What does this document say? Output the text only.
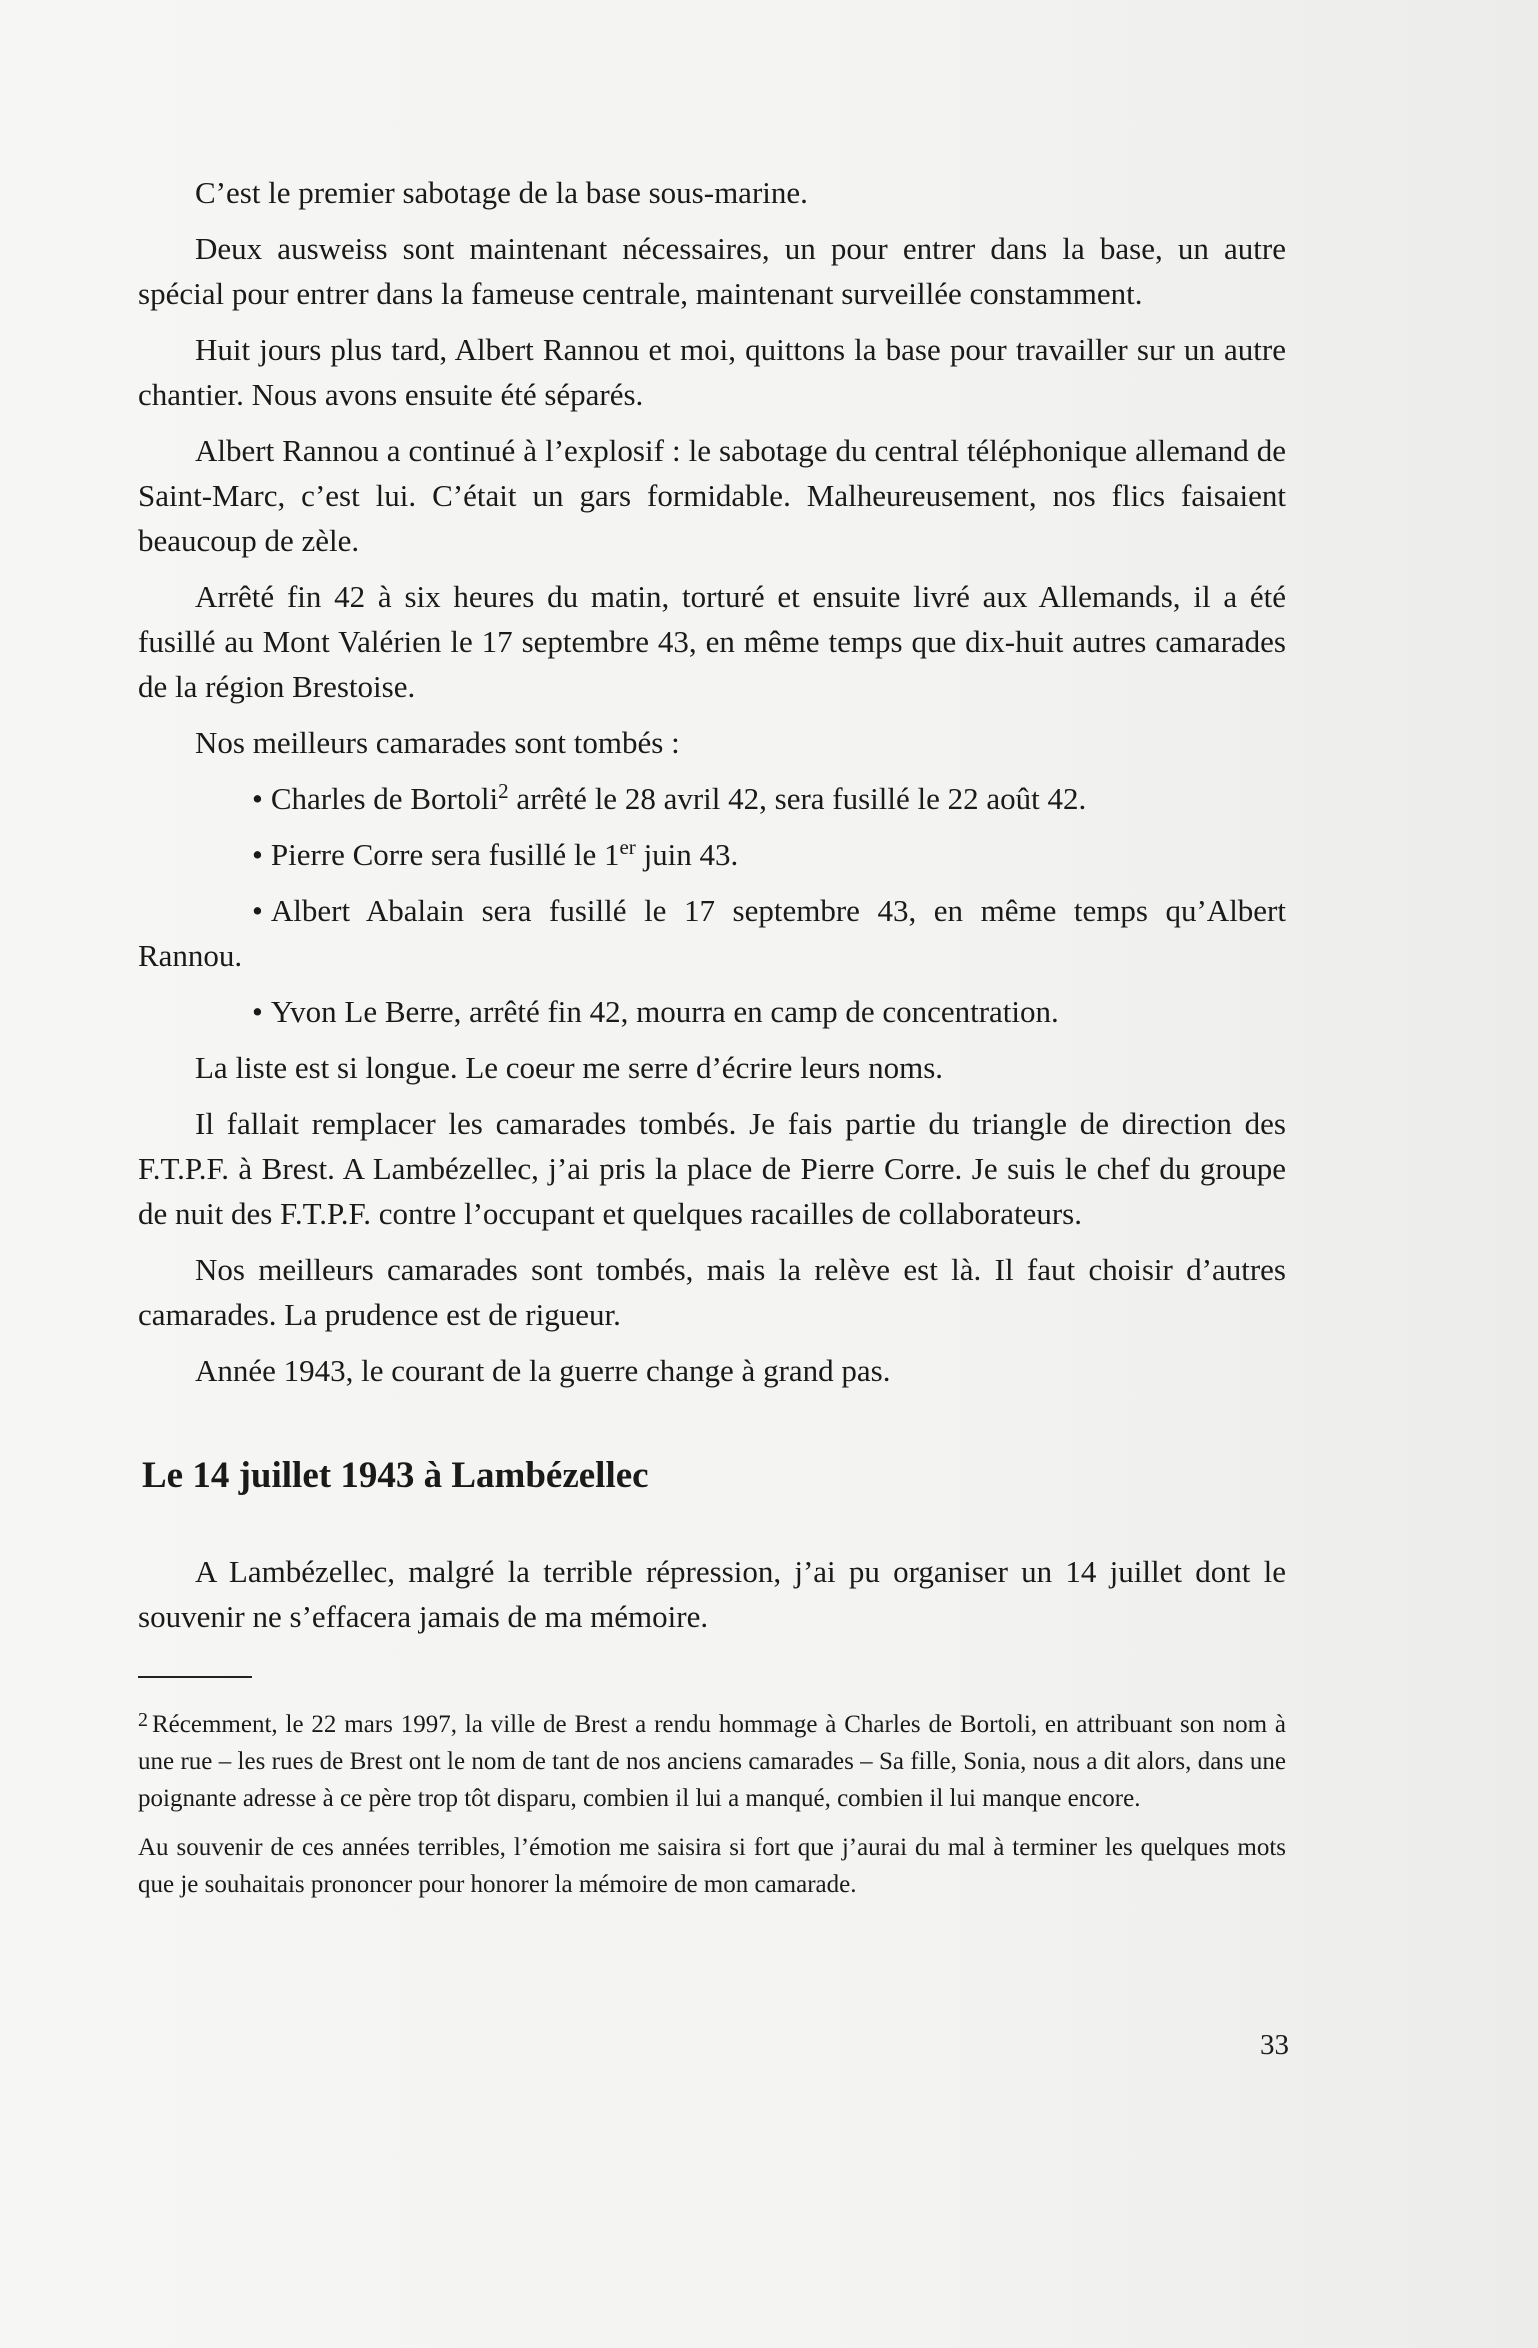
C’est le premier sabotage de la base sous-marine.

Deux ausweiss sont maintenant nécessaires, un pour entrer dans la base, un autre spécial pour entrer dans la fameuse centrale, maintenant surveillée constamment.

Huit jours plus tard, Albert Rannou et moi, quittons la base pour travailler sur un autre chantier. Nous avons ensuite été séparés.

Albert Rannou a continué à l’explosif : le sabotage du central téléphonique allemand de Saint-Marc, c’est lui. C’était un gars formidable. Malheureusement, nos flics faisaient beaucoup de zèle.

Arrêté fin 42 à six heures du matin, torturé et ensuite livré aux Allemands, il a été fusillé au Mont Valérien le 17 septembre 43, en même temps que dix-huit autres camarades de la région Brestoise.

Nos meilleurs camarades sont tombés :

• Charles de Bortoli$^2$ arrêté le 28 avril 42, sera fusillé le 22 août 42.

• Pierre Corre sera fusillé le 1er juin 43.

• Albert Abalain sera fusillé le 17 septembre 43, en même temps qu’Albert Rannou.

• Yvon Le Berre, arrêté fin 42, mourra en camp de concentration.

La liste est si longue. Le coeur me serre d’écrire leurs noms.

Il fallait remplacer les camarades tombés. Je fais partie du triangle de direction des F.T.P.F. à Brest. A Lambézellec, j’ai pris la place de Pierre Corre. Je suis le chef du groupe de nuit des F.T.P.F. contre l’occupant et quelques racailles de collaborateurs.

Nos meilleurs camarades sont tombés, mais la relève est là. Il faut choisir d’autres camarades. La prudence est de rigueur.

Année 1943, le courant de la guerre change à grand pas.

Le 14 juillet 1943 à Lambézellec

A Lambézellec, malgré la terrible répression, j’ai pu organiser un 14 juillet dont le souvenir ne s’effacera jamais de ma mémoire.

$^2$ Récemment, le 22 mars 1997, la ville de Brest a rendu hommage à Charles de Bortoli, en attribuant son nom à une rue – les rues de Brest ont le nom de tant de nos anciens camarades – Sa fille, Sonia, nous a dit alors, dans une poignante adresse à ce père trop tôt disparu, combien il lui a manqué, combien il lui manque encore.

Au souvenir de ces années terribles, l’émotion me saisira si fort que j’aurai du mal à terminer les quelques mots que je souhaitais prononcer pour honorer la mémoire de mon camarade.

33
